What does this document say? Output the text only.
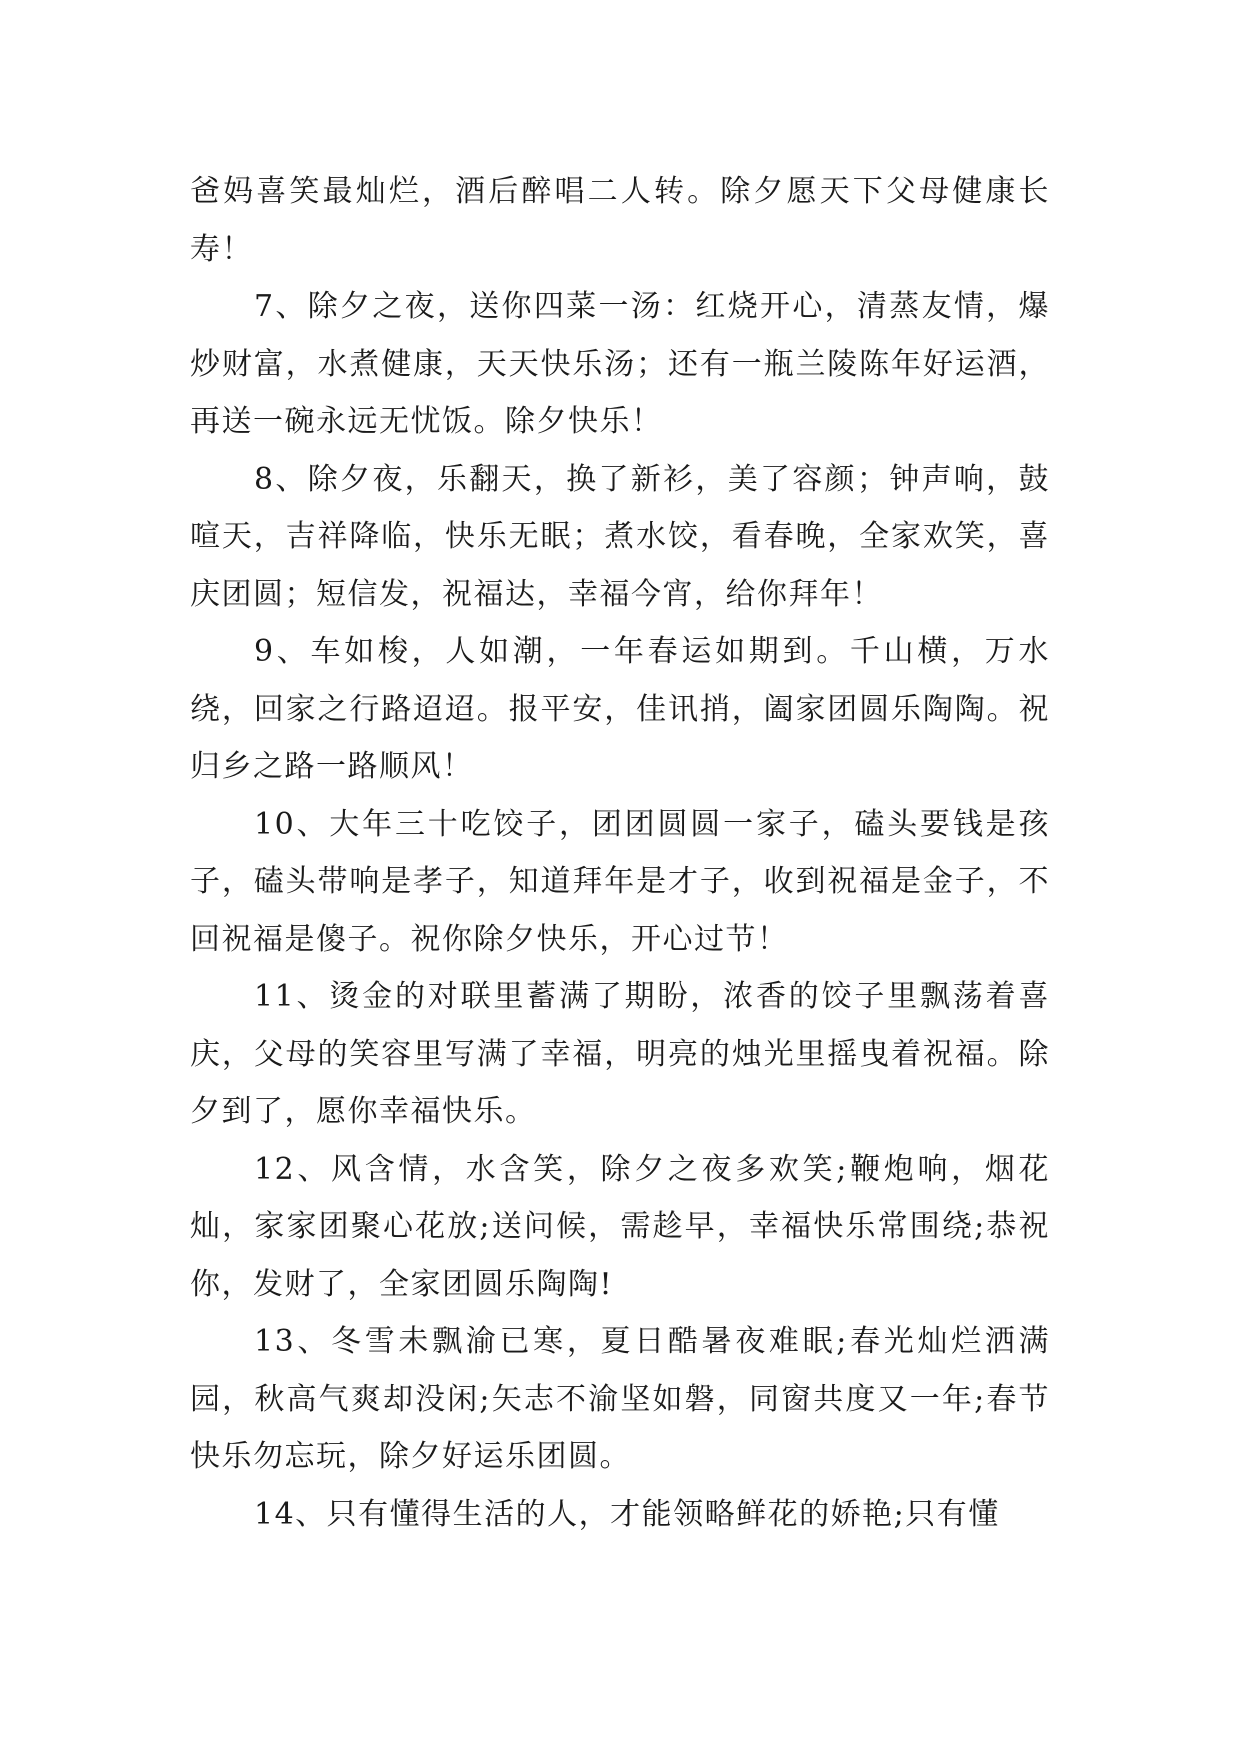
爸妈喜笑最灿烂，酒后醉唱二人转。除夕愿天下父母健康长寿！

7、除夕之夜，送你四菜一汤：红烧开心，清蒸友情，爆炒财富，水煮健康，天天快乐汤；还有一瓶兰陵陈年好运酒，再送一碗永远无忧饭。除夕快乐！

8、除夕夜，乐翻天，换了新衫，美了容颜；钟声响，鼓喧天，吉祥降临，快乐无眠；煮水饺，看春晚，全家欢笑，喜庆团圆；短信发，祝福达，幸福今宵，给你拜年！

9、车如梭，人如潮，一年春运如期到。千山横，万水绕，回家之行路迢迢。报平安，佳讯捎，阖家团圆乐陶陶。祝归乡之路一路顺风！

10、大年三十吃饺子，团团圆圆一家子，磕头要钱是孩子，磕头带响是孝子，知道拜年是才子，收到祝福是金子，不回祝福是傻子。祝你除夕快乐，开心过节！

11、烫金的对联里蓄满了期盼，浓香的饺子里飘荡着喜庆，父母的笑容里写满了幸福，明亮的烛光里摇曳着祝福。除夕到了，愿你幸福快乐。

12、风含情，水含笑，除夕之夜多欢笑;鞭炮响，烟花灿，家家团聚心花放;送问候，需趁早，幸福快乐常围绕;恭祝你，发财了，全家团圆乐陶陶!

13、冬雪未飘渝已寒，夏日酷暑夜难眠;春光灿烂洒满园，秋高气爽却没闲;矢志不渝坚如磐，同窗共度又一年;春节快乐勿忘玩，除夕好运乐团圆。

14、只有懂得生活的人，才能领略鲜花的娇艳;只有懂
